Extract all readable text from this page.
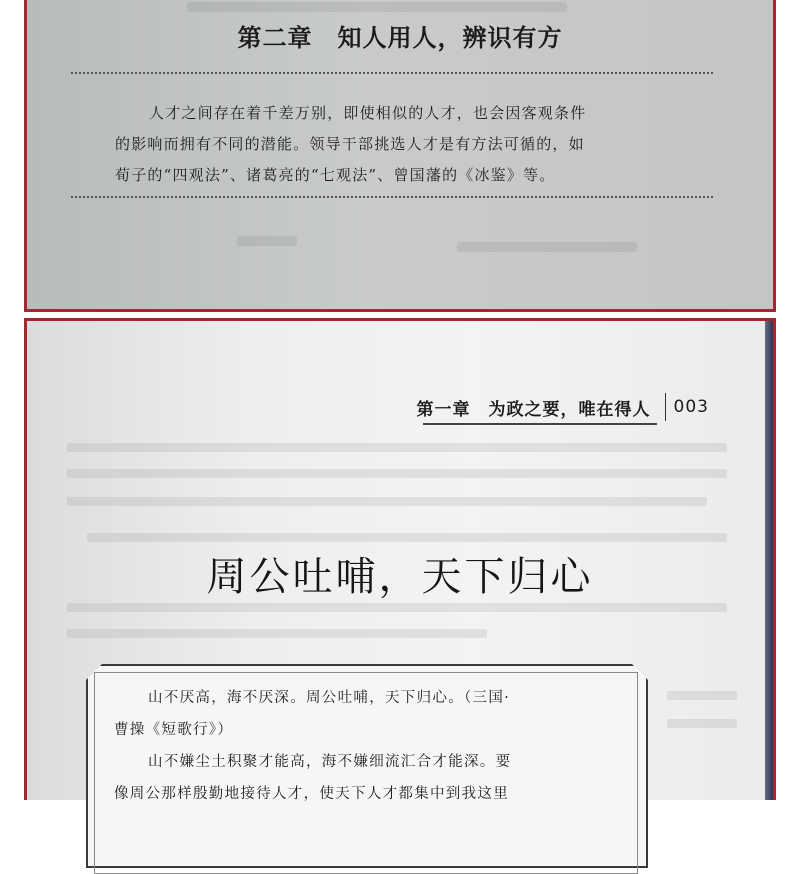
第二章　知人用人，辨识有方
人才之间存在着千差万别，即使相似的人才，也会因客观条件
的影响而拥有不同的潜能。领导干部挑选人才是有方法可循的，如
荀子的“四观法”、诸葛亮的“七观法”、曾国藩的《冰鉴》等。
第一章　为政之要，唯在得人 003
周公吐哺，天下归心
山不厌高，海不厌深。周公吐哺，天下归心。（三国·
曹操《短歌行》）
山不嫌尘土积聚才能高，海不嫌细流汇合才能深。要
像周公那样殷勤地接待人才，使天下人才都集中到我这里
